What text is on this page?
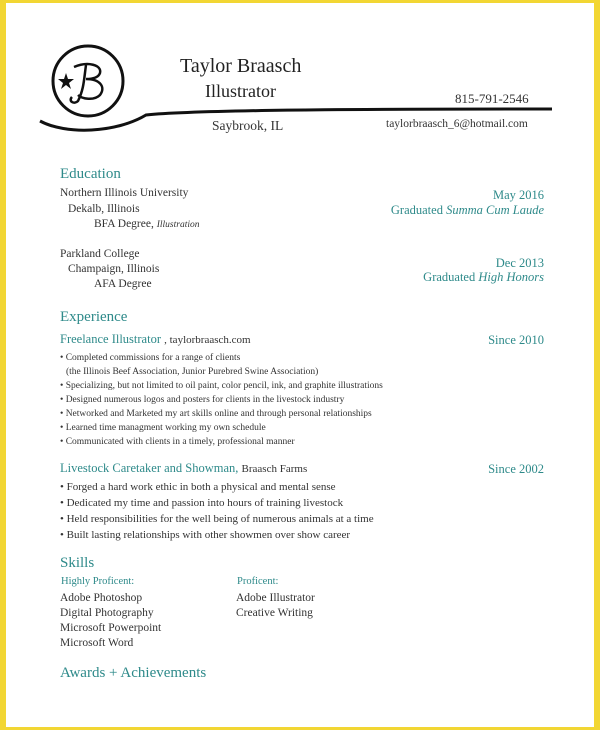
Taylor Braasch
Illustrator	815-791-2546
Saybrook, IL	taylorbraasch_6@hotmail.com
Education
Northern Illinois University
Dekalb, Illinois
BFA Degree, Illustration
May 2016
Graduated Summa Cum Laude
Parkland College
Champaign, Illinois
AFA Degree
Dec 2013
Graduated High Honors
Experience
Freelance Illustrator , taylorbraasch.com	Since 2010
• Completed commissions for a range of clients
(the Illinois Beef Association, Junior Purebred Swine Association)
• Specializing, but not limited to oil paint, color pencil, ink, and graphite illustrations
• Designed numerous logos and posters for clients in the livestock industry
• Networked and Marketed my art skills online and through personal relationships
• Learned time managment working my own schedule
• Communicated with clients in a timely, professional manner
Livestock Caretaker and Showman, Braasch Farms	Since 2002
• Forged a hard work ethic in both a physical and mental sense
• Dedicated my time and passion into hours of training livestock
• Held responsibilities for the well being of numerous animals at a time
• Built lasting relationships with other showmen over show career
Skills
Highly Proficent:
Adobe Photoshop
Digital Photography
Microsoft Powerpoint
Microsoft Word
Proficent:
Adobe Illustrator
Creative Writing
Awards + Achievements
